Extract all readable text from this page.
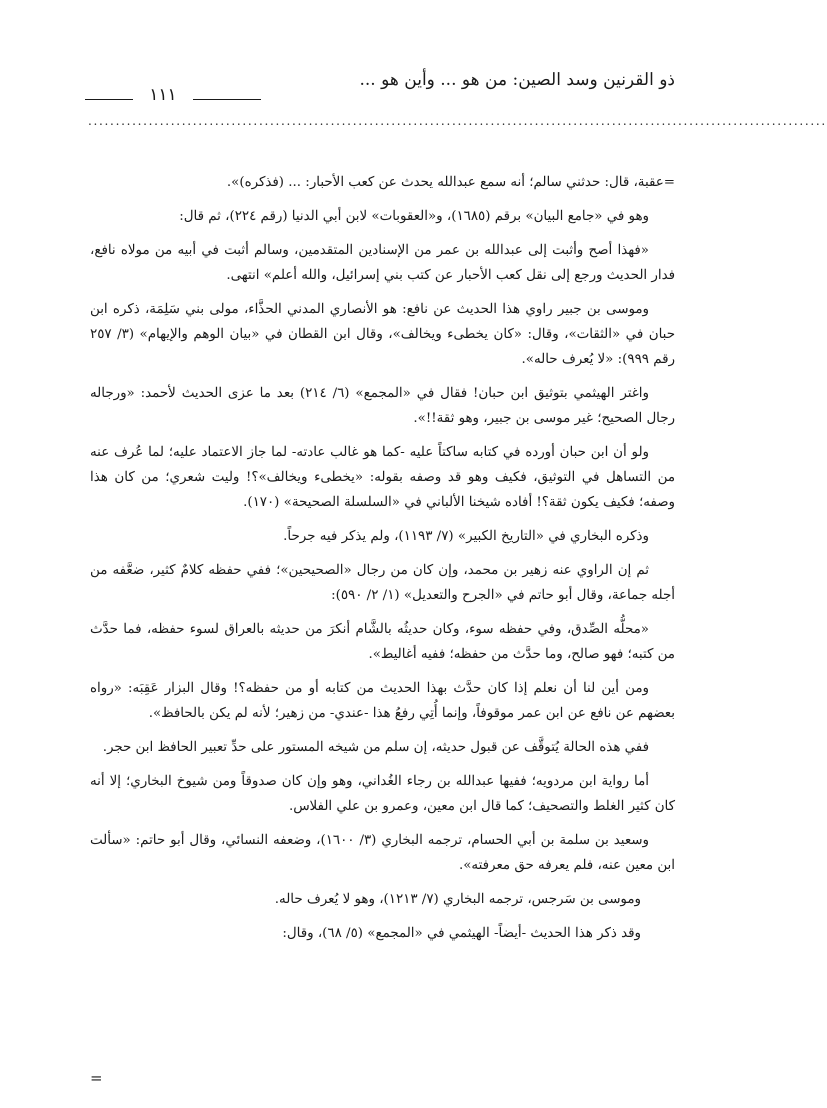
ذو القرنين وسد الصين: من هو ... وأين هو ...
١١١
......................................................................................................................................

=عقبة، قال: حدثني سالم؛ أنه سمع عبدالله يحدث عن كعب الأحبار: ... (فذكره)».

وهو في «جامع البيان» برقم (١٦٨٥)، و«العقوبات» لابن أبي الدنيا (رقم ٢٢٤)، ثم قال:

«فهذا أصح وأثبت إلى عبدالله بن عمر من الإسنادين المتقدمين، وسالم أثبت في أبيه من مولاه نافع، فدار الحديث ورجع إلى نقل كعب الأحبار عن كتب بني إسرائيل، والله أعلم» انتهى.

وموسى بن جبير راوي هذا الحديث عن نافع: هو الأنصاري المدني الحذَّاء، مولى بني سَلِمَة، ذكره ابن حبان في «الثقات»، وقال: «كان يخطىء ويخالف»، وقال ابن القطان في «بيان الوهم والإيهام» (٣/ ٢٥٧ رقم ٩٩٩): «لا يُعرف حاله».

واغتر الهيثمي بتوثيق ابن حبان! فقال في «المجمع» (٦/ ٢١٤) بعد ما عزى الحديث لأحمد: «ورجاله رجال الصحيح؛ غير موسى بن جبير، وهو ثقة!!».

ولو أن ابن حبان أورده في كتابه ساكتاً عليه -كما هو غالب عادته- لما جاز الاعتماد عليه؛ لما عُرف عنه من التساهل في التوثيق، فكيف وهو قد وصفه بقوله: «يخطىء ويخالف»؟! وليت شعري؛ من كان هذا وصفه؛ فكيف يكون ثقة؟! أفاده شيخنا الألباني في «السلسلة الصحيحة» (١٧٠).

وذكره البخاري في «التاريخ الكبير» (٧/ ١١٩٣)، ولم يذكر فيه جرحاً.

ثم إن الراوي عنه زهير بن محمد، وإن كان من رجال «الصحيحين»؛ ففي حفظه كلامٌ كثير، ضعَّفه من أجله جماعة، وقال أبو حاتم في «الجرح والتعديل» (١/ ٢/ ٥٩٠):

«محلُّه الصِّدق، وفي حفظه سوء، وكان حديثُه بالشَّام أنكرَ من حديثه بالعراق لسوء حفظه، فما حدَّث من كتبه؛ فهو صالح، وما حدَّث من حفظه؛ ففيه أغاليط».

ومن أين لنا أن نعلم إذا كان حدَّث بهذا الحديث من كتابه أو من حفظه؟! وقال البزار عَقِبَه: «رواه بعضهم عن نافع عن ابن عمر موقوفاً، وإنما أُتِي رفعُ هذا -عندي- من زهير؛ لأنه لم يكن بالحافظ».

ففي هذه الحالة يُتوقَّف عن قبول حديثه، إن سلم من شيخه المستور على حدِّ تعبير الحافظ ابن حجر.

أما رواية ابن مردويه؛ ففيها عبدالله بن رجاء الغُداني، وهو وإن كان صدوقاً ومن شيوخ البخاري؛ إلا أنه كان كثير الغلط والتصحيف؛ كما قال ابن معين، وعمرو بن علي الفلاس.

وسعيد بن سلمة بن أبي الحسام، ترجمه البخاري (٣/ ١٦٠٠)، وضعفه النسائي، وقال أبو حاتم: «سألت ابن معين عنه، فلم يعرفه حق معرفته».

وموسى بن سَرجس، ترجمه البخاري (٧/ ١٢١٣)، وهو لا يُعرف حاله.

وقد ذكر هذا الحديث -أيضاً- الهيثمي في «المجمع» (٥/ ٦٨)، وقال:

=
